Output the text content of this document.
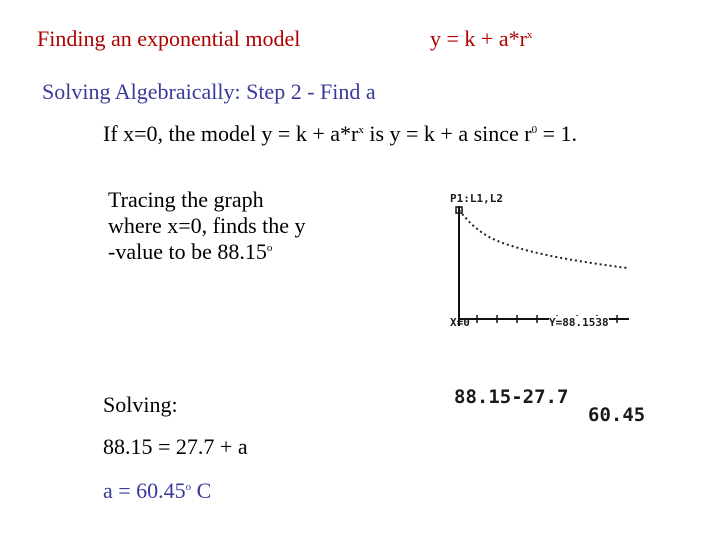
Finding an exponential model	$y = k + a*r^x$
Solving Algebraically: Step 2 - Find a
If x=0, the model $y = k + a*r^x$ is y = k + a since $r^0 = 1$.
Tracing the graph
where x=0, finds the y
-value to be 88.15$^o$
P1:L1,L2
X=0	Y=88.1538
88.15-27.7
60.45
Solving:
88.15 = 27.7 + a
$a = 60.45^o$ C
